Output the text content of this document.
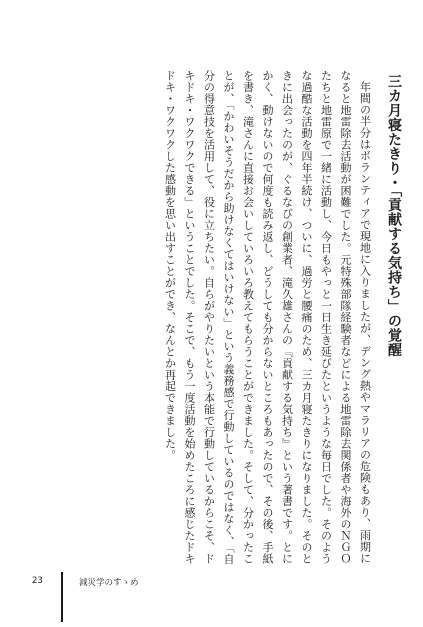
三カ月寝たきり・「貢献する気持ち」の覚醒

年間の半分はボランティアで現地に入りましたが、デング熱やマラリアの危険もあり、雨期に
なると地雷除去活動が困難でした。元特殊部隊経験者などによる地雷除去関係者や海外のＮＧＯ
たちと地雷原で一緒に活動し、今日もやっと一日生き延びたというような毎日でした。そのよう
な過酷な活動を四年半続け、ついに、過労と腰痛のため、三カ月寝たきりになりました。そのと
きに出会ったのが、ぐるなびの創業者、滝久雄さんの『貢献する気持ち』という著書です。とに
かく、動けないので何度も読み返し、どうしても分からないところもあったので、その後、手紙
を書き、滝さんに直接お会いしていろいろ教えてもらうことができました。そして、分かったこ
とが、「かわいそうだから助けなくてはいけない」という義務感で行動しているのではなく、「自
分の得意技を活用して、役に立ちたい。自らがやりたいという本能で行動しているからこそ、ド
キドキ・ワクワクできる」ということでした。そこで、もう一度活動を始めたころに感じたドキ
ドキ・ワクワクした感動を思い出すことができ、なんとか再起できました。

23	減災学のすゝめ
